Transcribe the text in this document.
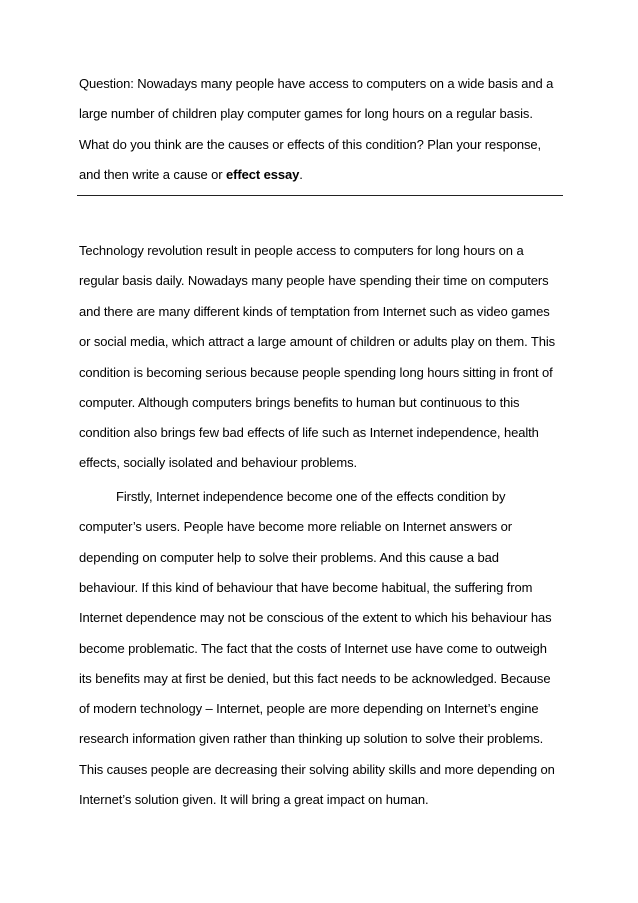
Question: Nowadays many people have access to computers on a wide basis and a
large number of children play computer games for long hours on a regular basis.
What do you think are the causes or effects of this condition? Plan your response,
and then write a cause or effect essay.
Technology revolution result in people access to computers for long hours on a
regular basis daily. Nowadays many people have spending their time on computers
and there are many different kinds of temptation from Internet such as video games
or social media, which attract a large amount of children or adults play on them. This
condition is becoming serious because people spending long hours sitting in front of
computer. Although computers brings benefits to human but continuous to this
condition also brings few bad effects of life such as Internet independence, health
effects, socially isolated and behaviour problems.
Firstly, Internet independence become one of the effects condition by
computer’s users. People have become more reliable on Internet answers or
depending on computer help to solve their problems. And this cause a bad
behaviour. If this kind of behaviour that have become habitual, the suffering from
Internet dependence may not be conscious of the extent to which his behaviour has
become problematic. The fact that the costs of Internet use have come to outweigh
its benefits may at first be denied, but this fact needs to be acknowledged. Because
of modern technology – Internet, people are more depending on Internet’s engine
research information given rather than thinking up solution to solve their problems.
This causes people are decreasing their solving ability skills and more depending on
Internet’s solution given. It will bring a great impact on human.
